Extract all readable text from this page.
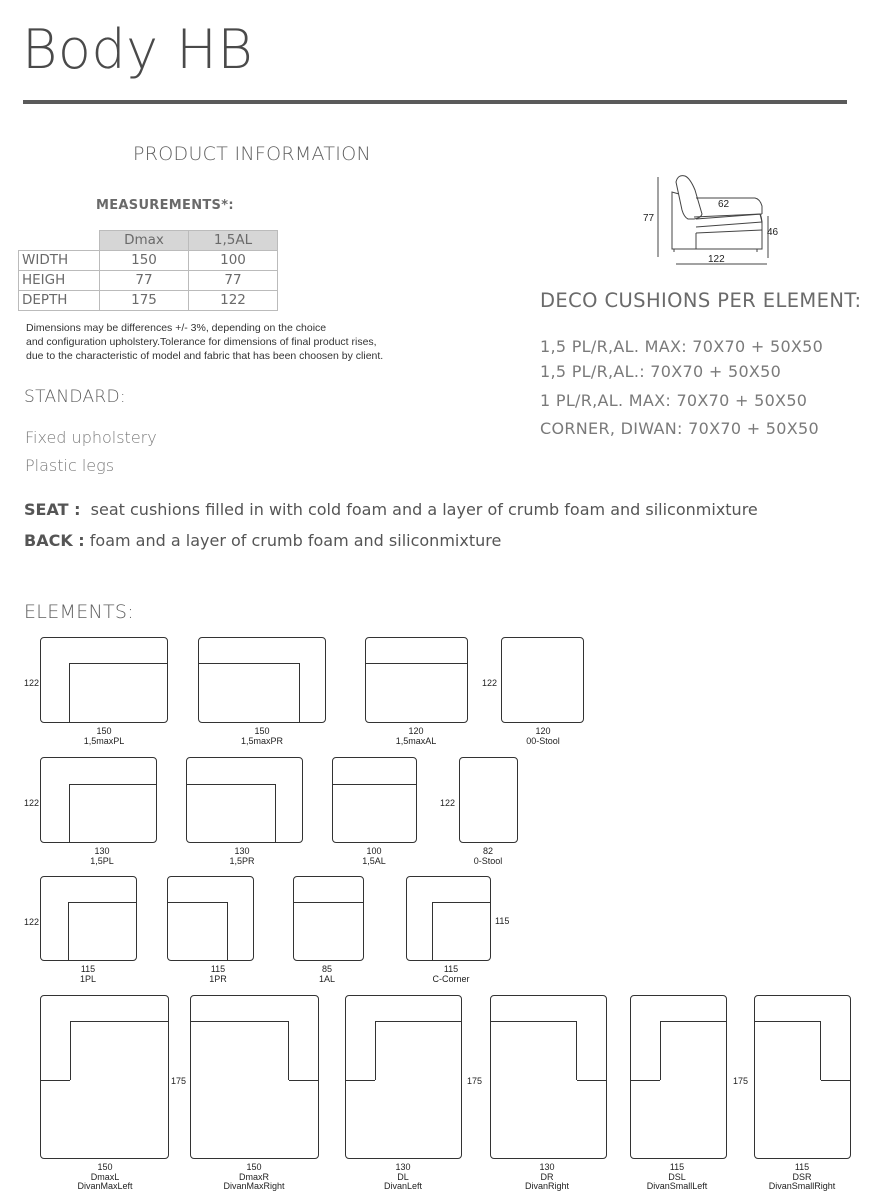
Body HB
PRODUCT INFORMATION
MEASUREMENTS*:
	Dmax	1,5AL
WIDTH	150	100
HEIGH	77	77
DEPTH	175	122
Dimensions may be differences +/- 3%, depending on the choice
and configuration upholstery.Tolerance for dimensions of final product rises,
due to the characteristic of model and fabric that has been choosen by client.
77
62
46
122
DECO CUSHIONS PER ELEMENT:
1,5 PL/R,AL. MAX: 70X70 + 50X50
1,5 PL/R,AL.: 70X70 + 50X50
1 PL/R,AL. MAX: 70X70 + 50X50
CORNER, DIWAN: 70X70 + 50X50
STANDARD:
Fixed upholstery
Plastic legs
SEAT : seat cushions filled in with cold foam and a layer of crumb foam and siliconmixture
BACK : foam and a layer of crumb foam and siliconmixture
ELEMENTS:
122
150
1,5maxPL
150
1,5maxPR
120
1,5maxAL
122
120
00-Stool
122
130
1,5PL
130
1,5PR
100
1,5AL
122
82
0-Stool
122
115
1PL
115
1PR
85
1AL
115
115
C-Corner
150
DmaxL
DivanMaxLeft
175
150
DmaxR
DivanMaxRight
175
130
DL
DivanLeft
130
DR
DivanRight
175
115
DSL
DivanSmallLeft
115
DSR
DivanSmallRight
